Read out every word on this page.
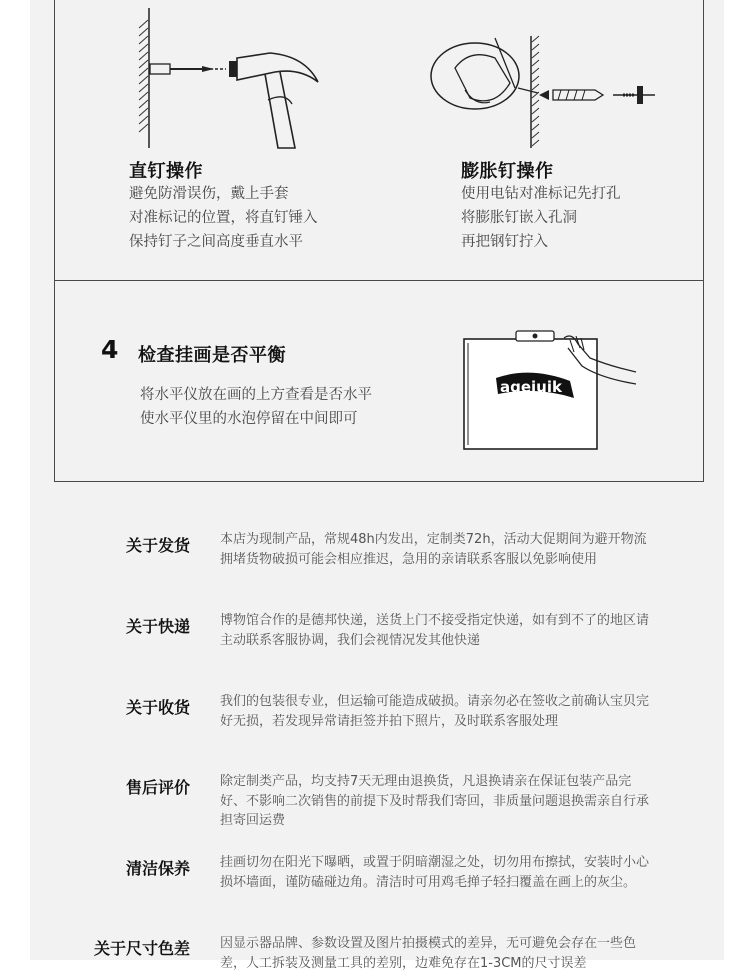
直钉操作
避免防滑误伤，戴上手套
对准标记的位置，将直钉锤入
保持钉子之间高度垂直水平
膨胀钉操作
使用电钻对准标记先打孔
将膨胀钉嵌入孔洞
再把钢钉拧入
4 检查挂画是否平衡
将水平仪放在画的上方查看是否水平
使水平仪里的水泡停留在中间即可
ageiuik
关于发货 本店为现制产品，常规48h内发出，定制类72h，活动大促期间为避开物流拥堵货物破损可能会相应推迟，急用的亲请联系客服以免影响使用
关于快递 博物馆合作的是德邦快递，送货上门不接受指定快递，如有到不了的地区请主动联系客服协调，我们会视情况发其他快递
关于收货 我们的包装很专业，但运输可能造成破损。请亲勿必在签收之前确认宝贝完好无损，若发现异常请拒签并拍下照片，及时联系客服处理
售后评价 除定制类产品，均支持7天无理由退换货，凡退换请亲在保证包装产品完好、不影响二次销售的前提下及时帮我们寄回，非质量问题退换需亲自行承担寄回运费
清洁保养 挂画切勿在阳光下曝晒，或置于阴暗潮湿之处，切勿用布擦拭，安装时小心损坏墙面，谨防磕碰边角。清洁时可用鸡毛掸子轻扫覆盖在画上的灰尘。
关于尺寸色差 因显示器品牌、参数设置及图片拍摄模式的差异，无可避免会存在一些色差，人工拆装及测量工具的差别，边难免存在1-3CM的尺寸误差
